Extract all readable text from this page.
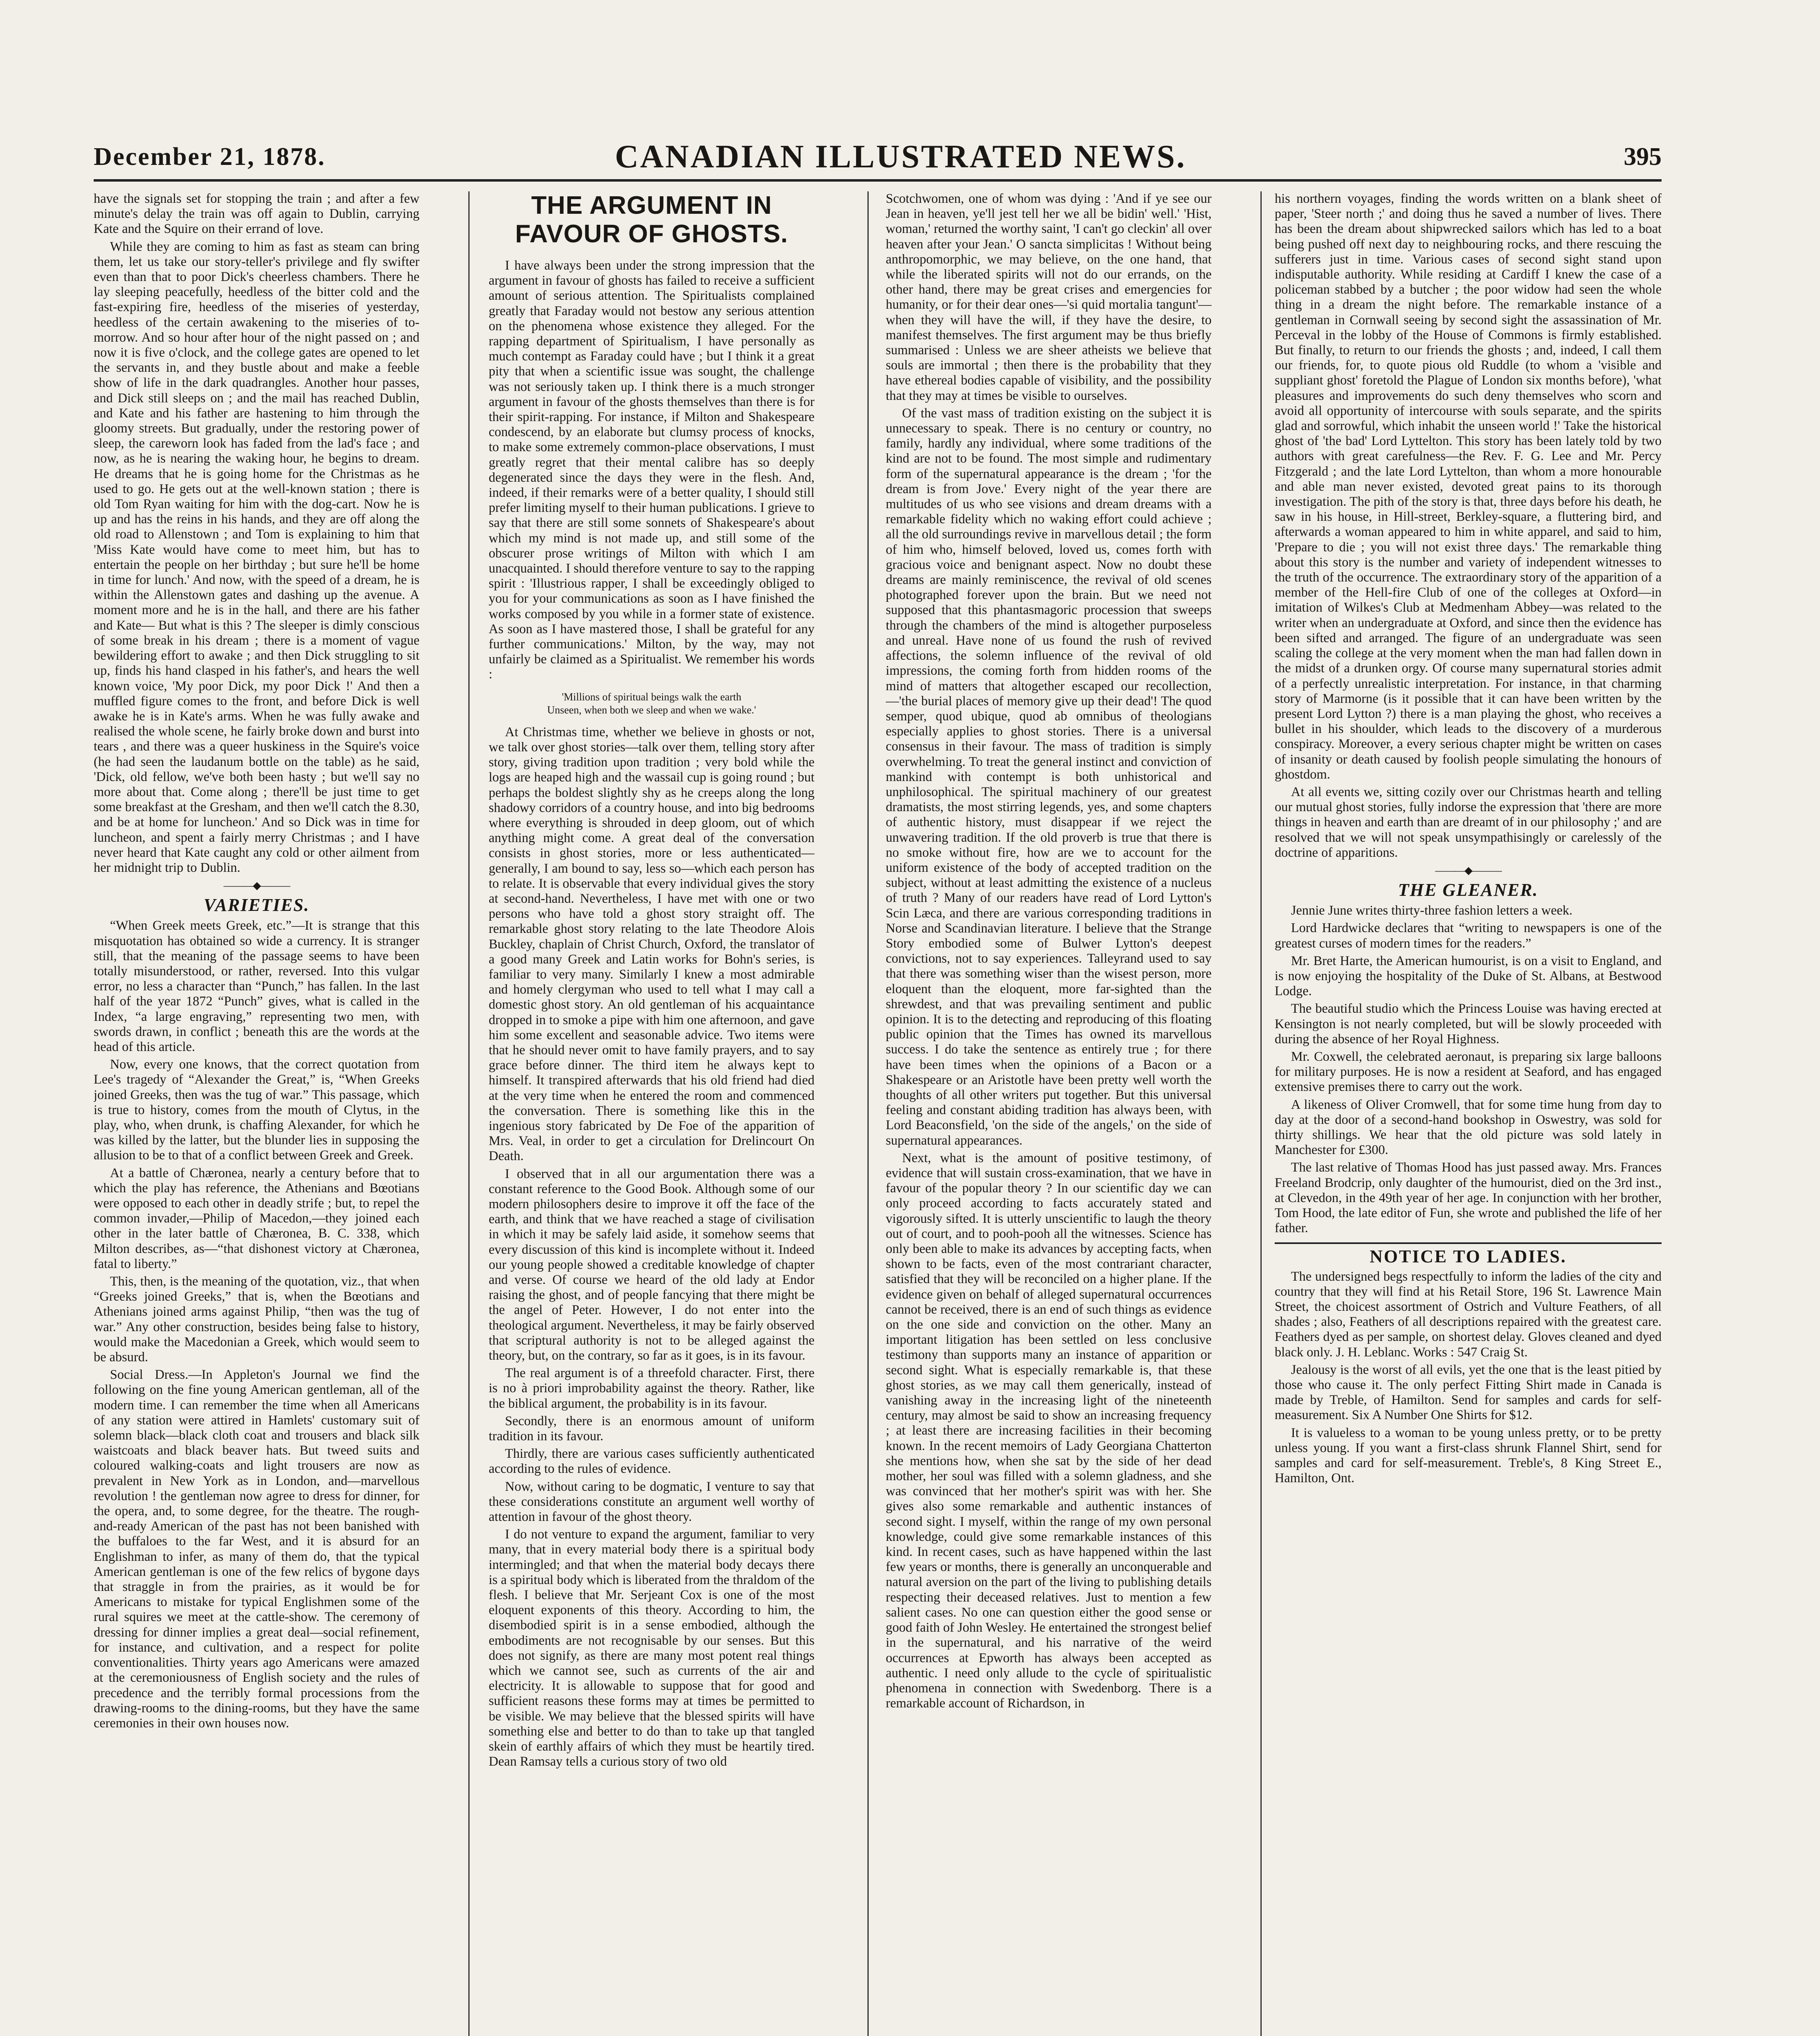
December 21, 1878.	CANADIAN ILLUSTRATED NEWS.	395

have the signals set for stopping the train ; and after a few minute's delay the train was off again to Dublin, carrying Kate and the Squire on their errand of love.

While they are coming to him as fast as steam can bring them, let us take our story-teller's privilege and fly swifter even than that to poor Dick's cheerless chambers. There he lay sleeping peacefully, heedless of the bitter cold and the fast-expiring fire, heedless of the miseries of yesterday, heedless of the certain awakening to the miseries of to-morrow. And so hour after hour of the night passed on ; and now it is five o'clock, and the college gates are opened to let the servants in, and they bustle about and make a feeble show of life in the dark quadrangles. Another hour passes, and Dick still sleeps on ; and the mail has reached Dublin, and Kate and his father are hastening to him through the gloomy streets. But gradually, under the restoring power of sleep, the careworn look has faded from the lad's face ; and now, as he is nearing the waking hour, he begins to dream. He dreams that he is going home for the Christmas as he used to go. He gets out at the well-known station ; there is old Tom Ryan waiting for him with the dog-cart. Now he is up and has the reins in his hands, and they are off along the old road to Allenstown ; and Tom is explaining to him that 'Miss Kate would have come to meet him, but has to entertain the people on her birthday ; but sure he'll be home in time for lunch.' And now, with the speed of a dream, he is within the Allenstown gates and dashing up the avenue. A moment more and he is in the hall, and there are his father and Kate— But what is this ? The sleeper is dimly conscious of some break in his dream ; there is a moment of vague bewildering effort to awake ; and then Dick struggling to sit up, finds his hand clasped in his father's, and hears the well known voice, 'My poor Dick, my poor Dick !' And then a muffled figure comes to the front, and before Dick is well awake he is in Kate's arms. When he was fully awake and realised the whole scene, he fairly broke down and burst into tears , and there was a queer huskiness in the Squire's voice (he had seen the laudanum bottle on the table) as he said, 'Dick, old fellow, we've both been hasty ; but we'll say no more about that. Come along ; there'll be just time to get some breakfast at the Gresham, and then we'll catch the 8.30, and be at home for luncheon.' And so Dick was in time for luncheon, and spent a fairly merry Christmas ; and I have never heard that Kate caught any cold or other ailment from her midnight trip to Dublin.

———◆———
VARIETIES.

“When Greek meets Greek, etc.”—It is strange that this misquotation has obtained so wide a currency. It is stranger still, that the meaning of the passage seems to have been totally misunderstood, or rather, reversed. Into this vulgar error, no less a character than “Punch,” has fallen. In the last half of the year 1872 “Punch” gives, what is called in the Index, “a large engraving,” representing two men, with swords drawn, in conflict ; beneath this are the words at the head of this article.

Now, every one knows, that the correct quotation from Lee's tragedy of “Alexander the Great,” is, “When Greeks joined Greeks, then was the tug of war.” This passage, which is true to history, comes from the mouth of Clytus, in the play, who, when drunk, is chaffing Alexander, for which he was killed by the latter, but the blunder lies in supposing the allusion to be to that of a conflict between Greek and Greek.

At a battle of Chæronea, nearly a century before that to which the play has reference, the Athenians and Bœotians were opposed to each other in deadly strife ; but, to repel the common invader,—Philip of Macedon,—they joined each other in the later battle of Chæronea, B. C. 338, which Milton describes, as—“that dishonest victory at Chæronea, fatal to liberty.”

This, then, is the meaning of the quotation, viz., that when “Greeks joined Greeks,” that is, when the Bœotians and Athenians joined arms against Philip, “then was the tug of war.” Any other construction, besides being false to history, would make the Macedonian a Greek, which would seem to be absurd.

Social Dress.—In Appleton's Journal we find the following on the fine young American gentleman, all of the modern time. I can remember the time when all Americans of any station were attired in Hamlets' customary suit of solemn black—black cloth coat and trousers and black silk waistcoats and black beaver hats. But tweed suits and coloured walking-coats and light trousers are now as prevalent in New York as in London, and—marvellous revolution ! the gentleman now agree to dress for dinner, for the opera, and, to some degree, for the theatre. The rough-and-ready American of the past has not been banished with the buffaloes to the far West, and it is absurd for an Englishman to infer, as many of them do, that the typical American gentleman is one of the few relics of bygone days that straggle in from the prairies, as it would be for Americans to mistake for typical Englishmen some of the rural squires we meet at the cattle-show. The ceremony of dressing for dinner implies a great deal—social refinement, for instance, and cultivation, and a respect for polite conventionalities. Thirty years ago Americans were amazed at the ceremoniousness of English society and the rules of precedence and the terribly formal processions from the drawing-rooms to the dining-rooms, but they have the same ceremonies in their own houses now.

THE ARGUMENT IN FAVOUR OF GHOSTS.

I have always been under the strong impression that the argument in favour of ghosts has failed to receive a sufficient amount of serious attention. The Spiritualists complained greatly that Faraday would not bestow any serious attention on the phenomena whose existence they alleged. For the rapping department of Spiritualism, I have personally as much contempt as Faraday could have ; but I think it a great pity that when a scientific issue was sought, the challenge was not seriously taken up. I think there is a much stronger argument in favour of the ghosts themselves than there is for their spirit-rapping. For instance, if Milton and Shakespeare condescend, by an elaborate but clumsy process of knocks, to make some extremely common-place observations, I must greatly regret that their mental calibre has so deeply degenerated since the days they were in the flesh. And, indeed, if their remarks were of a better quality, I should still prefer limiting myself to their human publications. I grieve to say that there are still some sonnets of Shakespeare's about which my mind is not made up, and still some of the obscurer prose writings of Milton with which I am unacquainted. I should therefore venture to say to the rapping spirit : 'Illustrious rapper, I shall be exceedingly obliged to you for your communications as soon as I have finished the works composed by you while in a former state of existence. As soon as I have mastered those, I shall be grateful for any further communications.' Milton, by the way, may not unfairly be claimed as a Spiritualist. We remember his words :

'Millions of spiritual beings walk the earth
Unseen, when both we sleep and when we wake.'

At Christmas time, whether we believe in ghosts or not, we talk over ghost stories—talk over them, telling story after story, giving tradition upon tradition ; very bold while the logs are heaped high and the wassail cup is going round ; but perhaps the boldest slightly shy as he creeps along the long shadowy corridors of a country house, and into big bedrooms where everything is shrouded in deep gloom, out of which anything might come. A great deal of the conversation consists in ghost stories, more or less authenticated—generally, I am bound to say, less so—which each person has to relate. It is observable that every individual gives the story at second-hand. Nevertheless, I have met with one or two persons who have told a ghost story straight off. The remarkable ghost story relating to the late Theodore Alois Buckley, chaplain of Christ Church, Oxford, the translator of a good many Greek and Latin works for Bohn's series, is familiar to very many. Similarly I knew a most admirable and homely clergyman who used to tell what I may call a domestic ghost story. An old gentleman of his acquaintance dropped in to smoke a pipe with him one afternoon, and gave him some excellent and seasonable advice. Two items were that he should never omit to have family prayers, and to say grace before dinner. The third item he always kept to himself. It transpired afterwards that his old friend had died at the very time when he entered the room and commenced the conversation. There is something like this in the ingenious story fabricated by De Foe of the apparition of Mrs. Veal, in order to get a circulation for Drelincourt On Death.

I observed that in all our argumentation there was a constant reference to the Good Book. Although some of our modern philosophers desire to improve it off the face of the earth, and think that we have reached a stage of civilisation in which it may be safely laid aside, it somehow seems that every discussion of this kind is incomplete without it. Indeed our young people showed a creditable knowledge of chapter and verse. Of course we heard of the old lady at Endor raising the ghost, and of people fancying that there might be the angel of Peter. However, I do not enter into the theological argument. Nevertheless, it may be fairly observed that scriptural authority is not to be alleged against the theory, but, on the contrary, so far as it goes, is in its favour.

The real argument is of a threefold character. First, there is no à priori improbability against the theory. Rather, like the biblical argument, the probability is in its favour.

Secondly, there is an enormous amount of uniform tradition in its favour.

Thirdly, there are various cases sufficiently authenticated according to the rules of evidence.

Now, without caring to be dogmatic, I venture to say that these considerations constitute an argument well worthy of attention in favour of the ghost theory.

I do not venture to expand the argument, familiar to very many, that in every material body there is a spiritual body intermingled; and that when the material body decays there is a spiritual body which is liberated from the thraldom of the flesh. I believe that Mr. Serjeant Cox is one of the most eloquent exponents of this theory. According to him, the disembodied spirit is in a sense embodied, although the embodiments are not recognisable by our senses. But this does not signify, as there are many most potent real things which we cannot see, such as currents of the air and electricity. It is allowable to suppose that for good and sufficient reasons these forms may at times be permitted to be visible. We may believe that the blessed spirits will have something else and better to do than to take up that tangled skein of earthly affairs of which they must be heartily tired. Dean Ramsay tells a curious story of two old

Scotchwomen, one of whom was dying : 'And if ye see our Jean in heaven, ye'll jest tell her we all be bidin' well.' 'Hist, woman,' returned the worthy saint, 'I can't go cleckin' all over heaven after your Jean.' O sancta simplicitas ! Without being anthropomorphic, we may believe, on the one hand, that while the liberated spirits will not do our errands, on the other hand, there may be great crises and emergencies for humanity, or for their dear ones—'si quid mortalia tangunt'—when they will have the will, if they have the desire, to manifest themselves. The first argument may be thus briefly summarised : Unless we are sheer atheists we believe that souls are immortal ; then there is the probability that they have ethereal bodies capable of visibility, and the possibility that they may at times be visible to ourselves.

Of the vast mass of tradition existing on the subject it is unnecessary to speak. There is no century or country, no family, hardly any individual, where some traditions of the kind are not to be found. The most simple and rudimentary form of the supernatural appearance is the dream ; 'for the dream is from Jove.' Every night of the year there are multitudes of us who see visions and dream dreams with a remarkable fidelity which no waking effort could achieve ; all the old surroundings revive in marvellous detail ; the form of him who, himself beloved, loved us, comes forth with gracious voice and benignant aspect. Now no doubt these dreams are mainly reminiscence, the revival of old scenes photographed forever upon the brain. But we need not supposed that this phantasmagoric procession that sweeps through the chambers of the mind is altogether purposeless and unreal. Have none of us found the rush of revived affections, the solemn influence of the revival of old impressions, the coming forth from hidden rooms of the mind of matters that altogether escaped our recollection,—'the burial places of memory give up their dead'! The quod semper, quod ubique, quod ab omnibus of theologians especially applies to ghost stories. There is a universal consensus in their favour. The mass of tradition is simply overwhelming. To treat the general instinct and conviction of mankind with contempt is both unhistorical and unphilosophical. The spiritual machinery of our greatest dramatists, the most stirring legends, yes, and some chapters of authentic history, must disappear if we reject the unwavering tradition. If the old proverb is true that there is no smoke without fire, how are we to account for the uniform existence of the body of accepted tradition on the subject, without at least admitting the existence of a nucleus of truth ? Many of our readers have read of Lord Lytton's Scin Læca, and there are various corresponding traditions in Norse and Scandinavian literature. I believe that the Strange Story embodied some of Bulwer Lytton's deepest convictions, not to say experiences. Talleyrand used to say that there was something wiser than the wisest person, more eloquent than the eloquent, more far-sighted than the shrewdest, and that was prevailing sentiment and public opinion. It is to the detecting and reproducing of this floating public opinion that the Times has owned its marvellous success. I do take the sentence as entirely true ; for there have been times when the opinions of a Bacon or a Shakespeare or an Aristotle have been pretty well worth the thoughts of all other writers put together. But this universal feeling and constant abiding tradition has always been, with Lord Beaconsfield, 'on the side of the angels,' on the side of supernatural appearances.

Next, what is the amount of positive testimony, of evidence that will sustain cross-examination, that we have in favour of the popular theory ? In our scientific day we can only proceed according to facts accurately stated and vigorously sifted. It is utterly unscientific to laugh the theory out of court, and to pooh-pooh all the witnesses. Science has only been able to make its advances by accepting facts, when shown to be facts, even of the most contrariant character, satisfied that they will be reconciled on a higher plane. If the evidence given on behalf of alleged supernatural occurrences cannot be received, there is an end of such things as evidence on the one side and conviction on the other. Many an important litigation has been settled on less conclusive testimony than supports many an instance of apparition or second sight. What is especially remarkable is, that these ghost stories, as we may call them generically, instead of vanishing away in the increasing light of the nineteenth century, may almost be said to show an increasing frequency ; at least there are increasing facilities in their becoming known. In the recent memoirs of Lady Georgiana Chatterton she mentions how, when she sat by the side of her dead mother, her soul was filled with a solemn gladness, and she was convinced that her mother's spirit was with her. She gives also some remarkable and authentic instances of second sight. I myself, within the range of my own personal knowledge, could give some remarkable instances of this kind. In recent cases, such as have happened within the last few years or months, there is generally an unconquerable and natural aversion on the part of the living to publishing details respecting their deceased relatives. Just to mention a few salient cases. No one can question either the good sense or good faith of John Wesley. He entertained the strongest belief in the supernatural, and his narrative of the weird occurrences at Epworth has always been accepted as authentic. I need only allude to the cycle of spiritualistic phenomena in connection with Swedenborg. There is a remarkable account of Richardson, in

his northern voyages, finding the words written on a blank sheet of paper, 'Steer north ;' and doing thus he saved a number of lives. There has been the dream about shipwrecked sailors which has led to a boat being pushed off next day to neighbouring rocks, and there rescuing the sufferers just in time. Various cases of second sight stand upon indisputable authority. While residing at Cardiff I knew the case of a policeman stabbed by a butcher ; the poor widow had seen the whole thing in a dream the night before. The remarkable instance of a gentleman in Cornwall seeing by second sight the assassination of Mr. Perceval in the lobby of the House of Commons is firmly established. But finally, to return to our friends the ghosts ; and, indeed, I call them our friends, for, to quote pious old Ruddle (to whom a 'visible and suppliant ghost' foretold the Plague of London six months before), 'what pleasures and improvements do such deny themselves who scorn and avoid all opportunity of intercourse with souls separate, and the spirits glad and sorrowful, which inhabit the unseen world !' Take the historical ghost of 'the bad' Lord Lyttelton. This story has been lately told by two authors with great carefulness—the Rev. F. G. Lee and Mr. Percy Fitzgerald ; and the late Lord Lyttelton, than whom a more honourable and able man never existed, devoted great pains to its thorough investigation. The pith of the story is that, three days before his death, he saw in his house, in Hill-street, Berkley-square, a fluttering bird, and afterwards a woman appeared to him in white apparel, and said to him, 'Prepare to die ; you will not exist three days.' The remarkable thing about this story is the number and variety of independent witnesses to the truth of the occurrence. The extraordinary story of the apparition of a member of the Hell-fire Club of one of the colleges at Oxford—in imitation of Wilkes's Club at Medmenham Abbey—was related to the writer when an undergraduate at Oxford, and since then the evidence has been sifted and arranged. The figure of an undergraduate was seen scaling the college at the very moment when the man had fallen down in the midst of a drunken orgy. Of course many supernatural stories admit of a perfectly unrealistic interpretation. For instance, in that charming story of Marmorne (is it possible that it can have been written by the present Lord Lytton ?) there is a man playing the ghost, who receives a bullet in his shoulder, which leads to the discovery of a murderous conspiracy. Moreover, a every serious chapter might be written on cases of insanity or death caused by foolish people simulating the honours of ghostdom.

At all events we, sitting cozily over our Christmas hearth and telling our mutual ghost stories, fully indorse the expression that 'there are more things in heaven and earth than are dreamt of in our philosophy ;' and are resolved that we will not speak unsympathisingly or carelessly of the doctrine of apparitions.

———◆———
THE GLEANER.

Jennie June writes thirty-three fashion letters a week.

Lord Hardwicke declares that “writing to newspapers is one of the greatest curses of modern times for the readers.”

Mr. Bret Harte, the American humourist, is on a visit to England, and is now enjoying the hospitality of the Duke of St. Albans, at Bestwood Lodge.

The beautiful studio which the Princess Louise was having erected at Kensington is not nearly completed, but will be slowly proceeded with during the absence of her Royal Highness.

Mr. Coxwell, the celebrated aeronaut, is preparing six large balloons for military purposes. He is now a resident at Seaford, and has engaged extensive premises there to carry out the work.

A likeness of Oliver Cromwell, that for some time hung from day to day at the door of a second-hand bookshop in Oswestry, was sold for thirty shillings. We hear that the old picture was sold lately in Manchester for £300.

The last relative of Thomas Hood has just passed away. Mrs. Frances Freeland Brodcrip, only daughter of the humourist, died on the 3rd inst., at Clevedon, in the 49th year of her age. In conjunction with her brother, Tom Hood, the late editor of Fun, she wrote and published the life of her father.

NOTICE TO LADIES.

The undersigned begs respectfully to inform the ladies of the city and country that they will find at his Retail Store, 196 St. Lawrence Main Street, the choicest assortment of Ostrich and Vulture Feathers, of all shades ; also, Feathers of all descriptions repaired with the greatest care. Feathers dyed as per sample, on shortest delay. Gloves cleaned and dyed black only. J. H. Leblanc. Works : 547 Craig St.

Jealousy is the worst of all evils, yet the one that is the least pitied by those who cause it. The only perfect Fitting Shirt made in Canada is made by Treble, of Hamilton. Send for samples and cards for self-measurement. Six A Number One Shirts for $12.

It is valueless to a woman to be young unless pretty, or to be pretty unless young. If you want a first-class shrunk Flannel Shirt, send for samples and card for self-measurement. Treble's, 8 King Street E., Hamilton, Ont.
